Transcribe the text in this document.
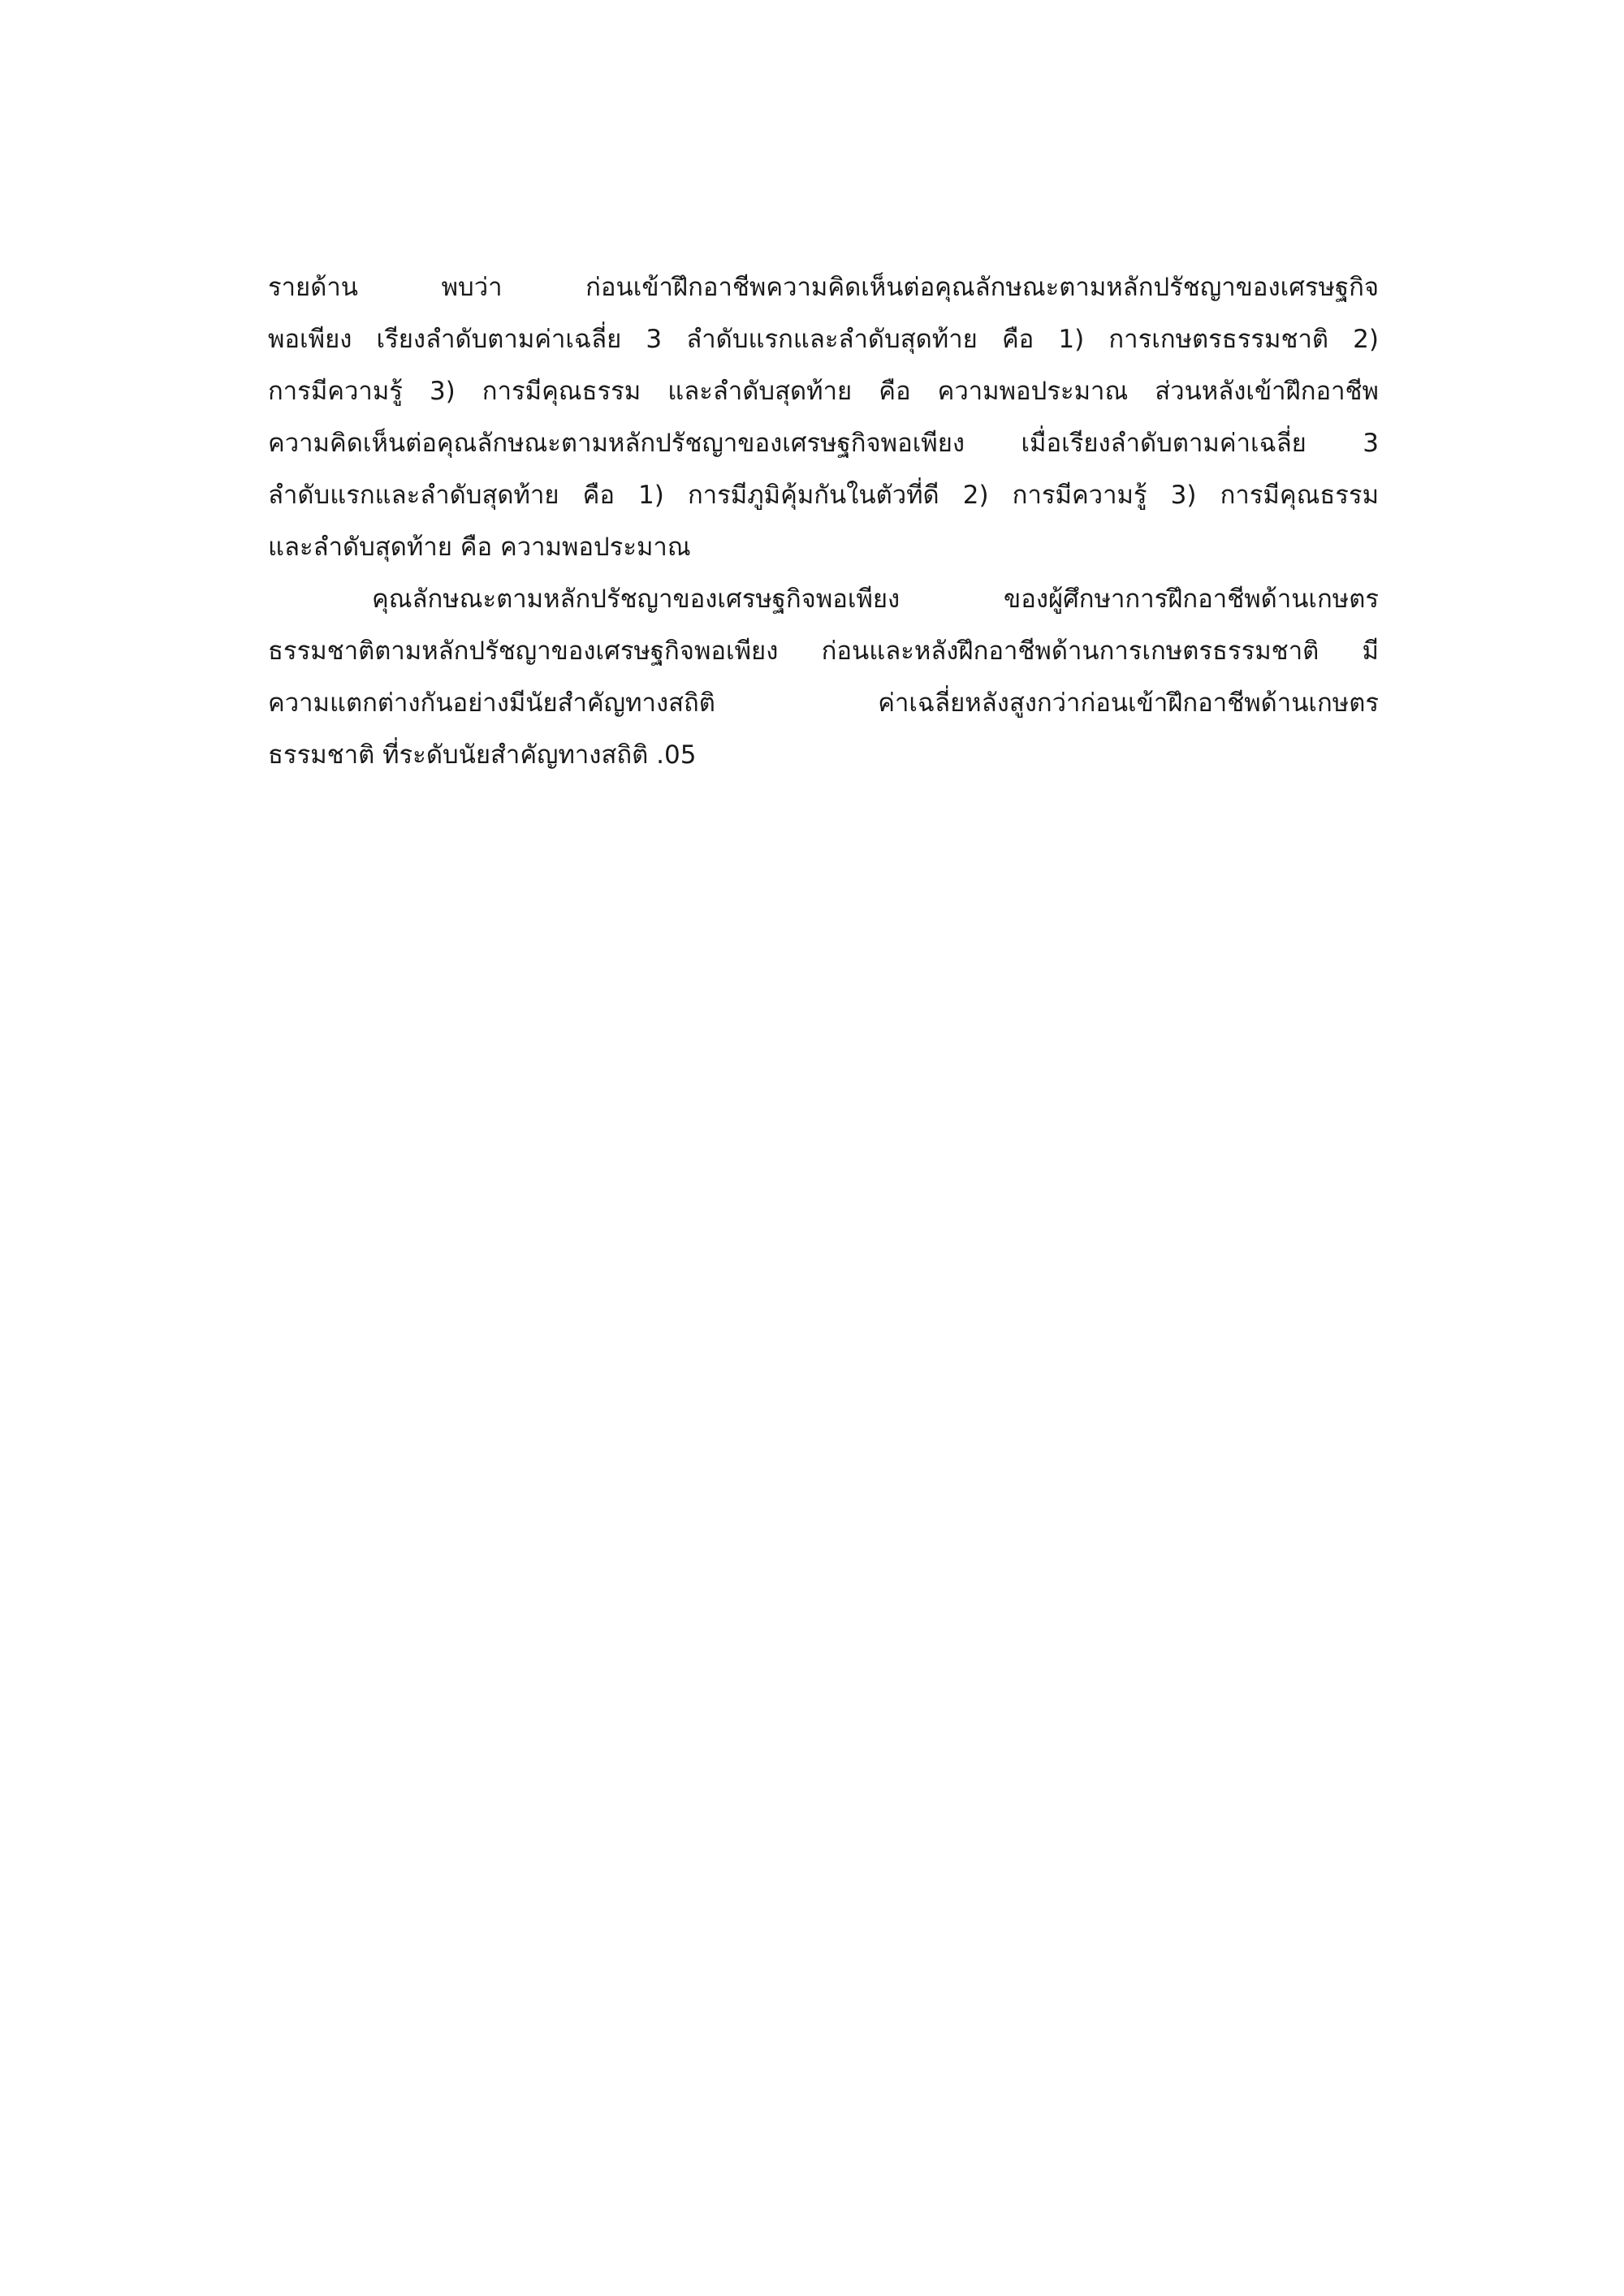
รายด้าน พบว่า ก่อนเข้าฝึกอาชีพความคิดเห็นต่อคุณลักษณะตามหลักปรัชญาของเศรษฐกิจ
พอเพียง เรียงลำดับตามค่าเฉลี่ย 3 ลำดับแรกและลำดับสุดท้าย คือ 1) การเกษตรธรรมชาติ 2)
การมีความรู้ 3) การมีคุณธรรม และลำดับสุดท้าย คือ ความพอประมาณ ส่วนหลังเข้าฝึกอาชีพ
ความคิดเห็นต่อคุณลักษณะตามหลักปรัชญาของเศรษฐกิจพอเพียง เมื่อเรียงลำดับตามค่าเฉลี่ย 3
ลำดับแรกและลำดับสุดท้าย คือ 1) การมีภูมิคุ้มกันในตัวที่ดี 2) การมีความรู้ 3) การมีคุณธรรม
และลำดับสุดท้าย คือ ความพอประมาณ
คุณลักษณะตามหลักปรัชญาของเศรษฐกิจพอเพียง ของผู้ศึกษาการฝึกอาชีพด้านเกษตร
ธรรมชาติตามหลักปรัชญาของเศรษฐกิจพอเพียง ก่อนและหลังฝึกอาชีพด้านการเกษตรธรรมชาติ มี
ความแตกต่างกันอย่างมีนัยสำคัญทางสถิติ ค่าเฉลี่ยหลังสูงกว่าก่อนเข้าฝึกอาชีพด้านเกษตร
ธรรมชาติ ที่ระดับนัยสำคัญทางสถิติ .05
